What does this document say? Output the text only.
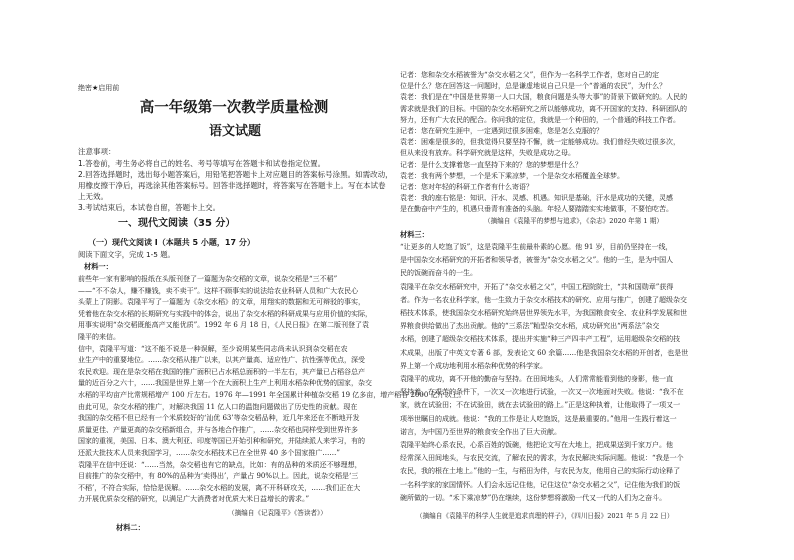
绝密★启用前
高一年级第一次教学质量检测
语文试题
注意事项：
1.答卷前，考生务必将自己的姓名、考号等填写在答题卡和试卷指定位置。
2.回答选择题时，选出每小题答案后，用铅笔把答题卡上对应题目的答案标号涂黑。如需改动，
用橡皮擦干净后，再选涂其他答案标号。回答非选择题时，将答案写在答题卡上。写在本试卷
上无效。
3.考试结束后，本试卷自留，答题卡上交。
一、现代文阅读（35 分）
（一）现代文阅读 I（本题共 5 小题，17 分）
阅读下面文字，完成 1-5 题。
材料一：
前些年一家有影响的报纸在头版刊登了一篇题为杂交稻的文章，说杂交稻是“三不稻”
——“不不杂人，赚不赚钱，卖不卖干”。这样不顾事实的说法给农业科研人员和广大农民心
头蒙上了阴影。袁隆平写了一篇题为《杂交水稻》的文章，用翔实的数据和无可辩驳的事实，
凭着他在杂交水稻的长期研究与实践中的体会，说出了杂交水稻的科研成果与应用价值的实际，
用事实说明“杂交稻既能高产又能优质”。1992 年 6 月 18 日，《人民日报》在第二版刊登了袁
隆平的来信。
信中，袁隆平写道：“这不能不说是一种误解，至少说明某些同志尚未认识到杂交稻在农
业生产中的重要地位。……杂交稻从推广以来，以其产量高、适应性广、抗性强等优点，深受
农民欢迎。现在是杂交稻在我国的推广面积已占水稻总面积的一半左右，其产量已占稻谷总产
量的近百分之六十，……我国是世界上第一个在大面积上生产上利用水稻杂种优势的国家，杂交
水稻的平均亩产比常规稻增产 100 斤左右。1976 年—1991 年全国累计种植杂交稻 19 亿多亩，增产稻谷 2000 亿斤以上。
由此可见，杂交水稻的推广，对解决我国 11 亿人口的温饱问题做出了历史性的贡献。现在
我国的杂交稻不但已经有一个米质较好的‘汕优 63’等杂交稻品种，近几年来还在不断地开发
质量更佳、产量更高的杂交稻新组合，并与各地合作推广，……杂交稻也同样受到世界许多
国家的重视，美国、日本、澳大利亚、印度等国已开始引种和研究，并陆续派人来学习，有的
还派大批技术人员来我国学习，……杂交水稻技术已在全世界 40 多个国家推广……”
袁隆平在信中还说：“……当然，杂交稻也有它的缺点，比如：有的品种的米质还不够理想，
目前推广的杂交稻中，有 80%的品种为‘卖得出’，产量占 90%以上。因此，说杂交稻是‘三
不稻’，不符合实际，恰恰是误解。……杂交水稻的发展，离不开科研攻关，……我们正在大
力开展优质杂交稻的研究，以满足广大消费者对优质大米日益增长的需求。”
（摘编自《记袁隆平》《答读者》）
材料二：
记者：您和杂交水稻被誉为“杂交水稻之父”，但作为一名科学工作者，您对自己的定
位是什么？您在回答这一问题时，总是谦虚地说自己只是一个“普通的农民”，为什么？
袁老：我们是在“中国是世界第一人口大国，粮食问题是头等大事”的背景下做研究的。人民的
需求就是我们的目标。中国的杂交水稻研究之所以能够成功，离不开国家的支持、科研团队的
努力，还有广大农民的配合。你问我的定位，我就是一个种田的，一个普通的科技工作者。
记者：您在研究生涯中，一定遇到过很多困难，您是怎么克服的？
袁老：困难是很多的，但我觉得只要坚持不懈，就一定能够成功。我们曾经失败过很多次，
但从来没有放弃。科学研究就是这样，失败是成功之母。
记者：是什么支撑着您一直坚持下来的？您的梦想是什么？
袁老：我有两个梦想，一个是禾下乘凉梦，一个是杂交水稻覆盖全球梦。
记者：您对年轻的科研工作者有什么寄语？
袁老：我的座右铭是：知识、汗水、灵感、机遇。知识是基础，汗水是成功的关键，灵感
是在勤奋中产生的，机遇只垂青有准备的头脑。年轻人要踏踏实实地做事，不要怕吃苦。
（摘编自《袁隆平的梦想与追求》，《杂志》2020 年第 1 期）
材料三：
“让更多的人吃饱了饭”，这是袁隆平生前最朴素的心愿。他 91 岁，目前仍坚持在一线，
是中国杂交水稻研究的开拓者和领导者，被誉为“杂交水稻之父”。他的一生，是为中国人
民的饭碗而奋斗的一生。
袁隆平在杂交水稻研究中，开拓了“杂交水稻之父”，中国工程院院士，“共和国勋章”获得
者。作为一名农业科学家，他一生致力于杂交水稻技术的研究、应用与推广，创建了超级杂交
稻技术体系，使我国杂交水稻研究始终居世界领先水平，为我国粮食安全、农业科学发展和世
界粮食供给做出了杰出贡献。他的“三系法”籼型杂交水稻，成功研究出“两系法”杂交
水稻，创建了超级杂交稻技术体系，提出并实施“种三产四丰产工程”，运用超级杂交稻的技
术成果，出版了中英文专著 6 部，发表论文 60 余篇……他是我国杂交水稻的开创者，也是世
界上第一个成功地利用水稻杂种优势的科学家。
袁隆平的成功，离不开他的勤奋与坚持。在田间地头，人们常常能看到他的身影，他一直
坚持着，在艰苦的条件下，一次又一次地进行试验，一次又一次地面对失败。他说：“我不在
家，就在试验田；不在试验田，就在去试验田的路上。”正是这种执着，让他取得了一项又一
项举世瞩目的成就。他说：“我的工作是让人吃饱饭，这是最重要的。”他用一生践行着这一
诺言，为中国乃至世界的粮食安全作出了巨大贡献。
袁隆平始终心系农民，心系百姓的饭碗，他把论文写在大地上，把成果送到千家万户。他
经常深入田间地头，与农民交流，了解农民的需求，为农民解决实际问题。他说：“我是一个
农民，我的根在土地上。”他的一生，与稻田为伴，与农民为友，他用自己的实际行动诠释了
一名科学家的家国情怀。人们会永远记住他，记住这位“杂交水稻之父”，记住他为我们的饭
碗所做的一切。“禾下乘凉梦”仍在继续，这份梦想将激励一代又一代的人们为之奋斗。
（摘编自《袁隆平的科学人生就是追求真理的样子》，《四川日报》2021 年 5 月 22 日）
